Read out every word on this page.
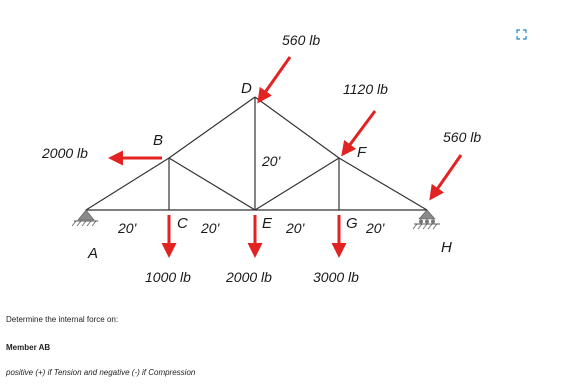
560 lb
1120 lb
560 lb
2000 lb
1000 lb	2000 lb	3000 lb
A
B
C
D
E
F
G
H
20'	20'	20'	20'
20'
Determine the internal force on:
Member AB
positive (+) if Tension and negative (-) if Compression
